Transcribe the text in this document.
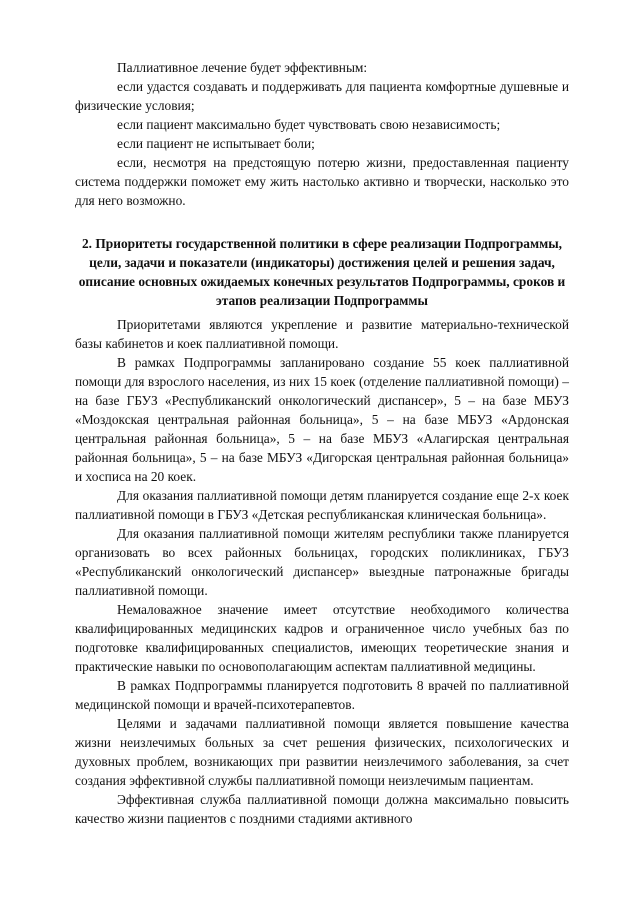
Паллиативное лечение будет эффективным:

если удастся создавать и поддерживать для пациента комфортные душевные и физические условия;

если пациент максимально будет чувствовать свою независимость;

если пациент не испытывает боли;

если, несмотря на предстоящую потерю жизни, предоставленная пациенту система поддержки поможет ему жить настолько активно и творчески, насколько это для него возможно.

2. Приоритеты государственной политики в сфере реализации Подпрограммы, цели, задачи и показатели (индикаторы) достижения целей и решения задач, описание основных ожидаемых конечных результатов Подпрограммы, сроков и этапов реализации Подпрограммы

Приоритетами являются укрепление и развитие материально-технической базы кабинетов и коек паллиативной помощи.

В рамках Подпрограммы запланировано создание 55 коек паллиативной помощи для взрослого населения, из них 15 коек (отделение паллиативной помощи) – на базе ГБУЗ «Республиканский онкологический диспансер», 5 – на базе МБУЗ «Моздокская центральная районная больница», 5 – на базе МБУЗ «Ардонская центральная районная больница», 5 – на базе МБУЗ «Алагирская центральная районная больница», 5 – на базе МБУЗ «Дигорская центральная районная больница» и хосписа на 20 коек.

Для оказания паллиативной помощи детям планируется создание еще 2-х коек паллиативной помощи в ГБУЗ «Детская республиканская клиническая больница».

Для оказания паллиативной помощи жителям республики также планируется организовать во всех районных больницах, городских поликлиниках, ГБУЗ «Республиканский онкологический диспансер» выездные патронажные бригады паллиативной помощи.

Немаловажное значение имеет отсутствие необходимого количества квалифицированных медицинских кадров и ограниченное число учебных баз по подготовке квалифицированных специалистов, имеющих теоретические знания и практические навыки по основополагающим аспектам паллиативной медицины.

В рамках Подпрограммы планируется подготовить 8 врачей по паллиативной медицинской помощи и врачей-психотерапевтов.

Целями и задачами паллиативной помощи является повышение качества жизни неизлечимых больных за счет решения физических, психологических и духовных проблем, возникающих при развитии неизлечимого заболевания, за счет создания эффективной службы паллиативной помощи неизлечимым пациентам.

Эффективная служба паллиативной помощи должна максимально повысить качество жизни пациентов с поздними стадиями активного
